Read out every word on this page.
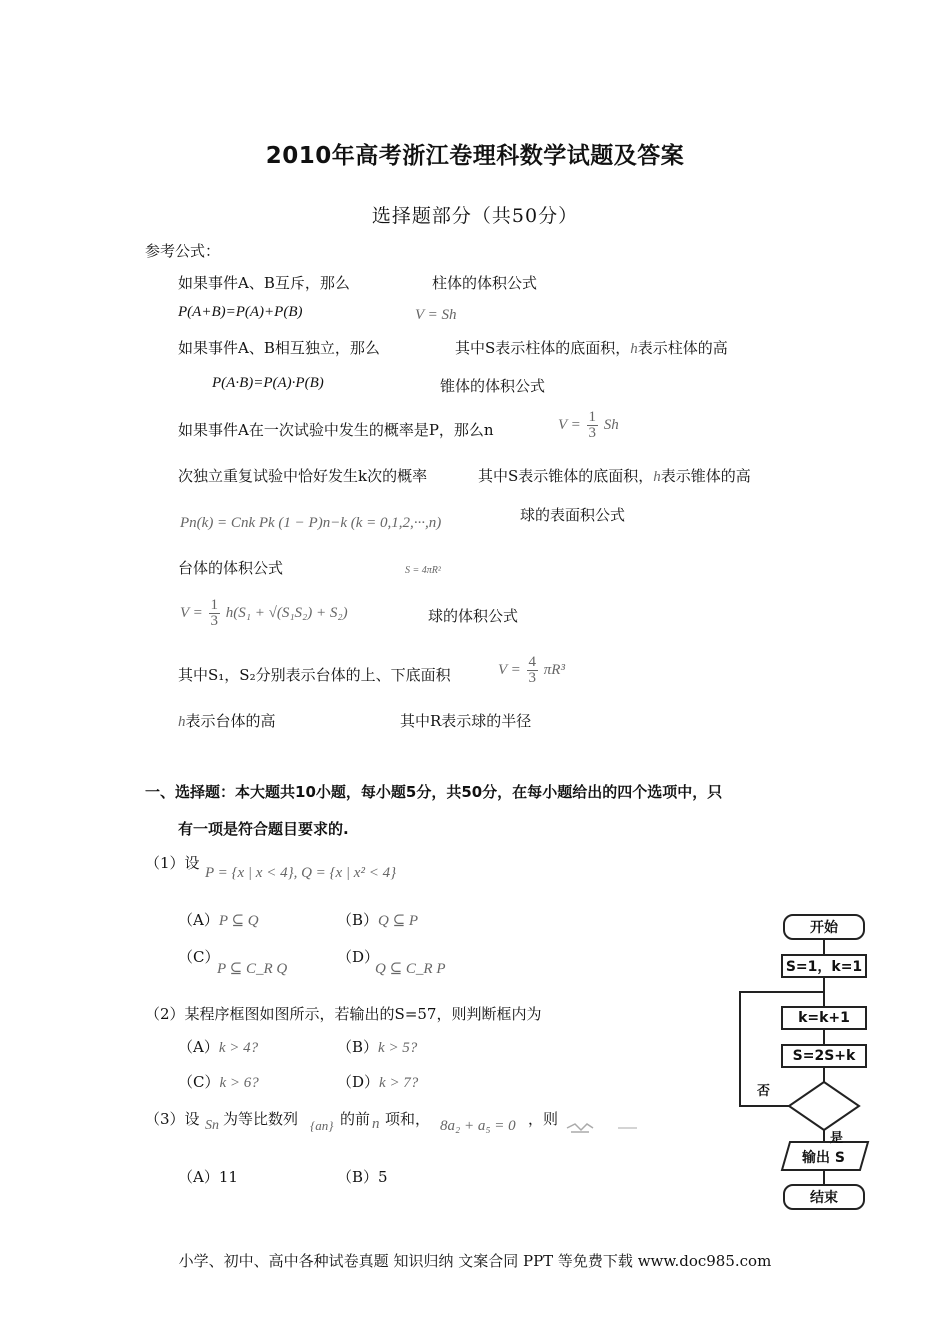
2010年高考浙江卷理科数学试题及答案
选择题部分（共50分）
参考公式：
如果事件A、B互斥，那么	柱体的体积公式
P(A+B)=P(A)+P(B)	V = Sh
如果事件A、B相互独立，那么	其中S表示柱体的底面积，h表示柱体的高
P(A·B)=P(A)·P(B)	锥体的体积公式
如果事件A在一次试验中发生的概率是P，那么n	$V = \frac{1}{3}$ Sh
次独立重复试验中恰好发生k次的概率	其中S表示锥体的底面积，h表示锥体的高
Pn(k) = Cnk Pk (1 − P)n−k (k = 0,1,2,···,n)	球的表面积公式
台体的体积公式	S = 4πR²
$V = \frac{1}{3} h(S_1 + √(S_1S_2) + S_2)$	球的体积公式
其中S₁，S₂分别表示台体的上、下底面积	$V = \frac{4}{3} \pi R^3$
h表示台体的高	其中R表示球的半径
一、选择题：本大题共10小题，每小题5分，共50分，在每小题给出的四个选项中，只
有一项是符合题目要求的.
（1）设
P = {x | x < 4}, Q = {x | x² < 4}
（A）P ⊆ Q	（B）Q ⊆ P
（C）
P ⊆ C_R Q
（D）
Q ⊆ C_R P
（2）某程序框图如图所示，若输出的S=57，则判断框内为
（A）k > 4?	（B）k > 5?
（C）k > 6?	（D）k > 7?
（3）设 Sn 为等比数列 {an} 的前 n 项和， 8a₂ + a₅ = 0 ，则
（A）11	（B）5
开始
S=1，k=1
k=k+1
S=2S+k
否
是
输出 S
结束
小学、初中、高中各种试卷真题 知识归纳 文案合同 PPT 等免费下载 www.doc985.com
